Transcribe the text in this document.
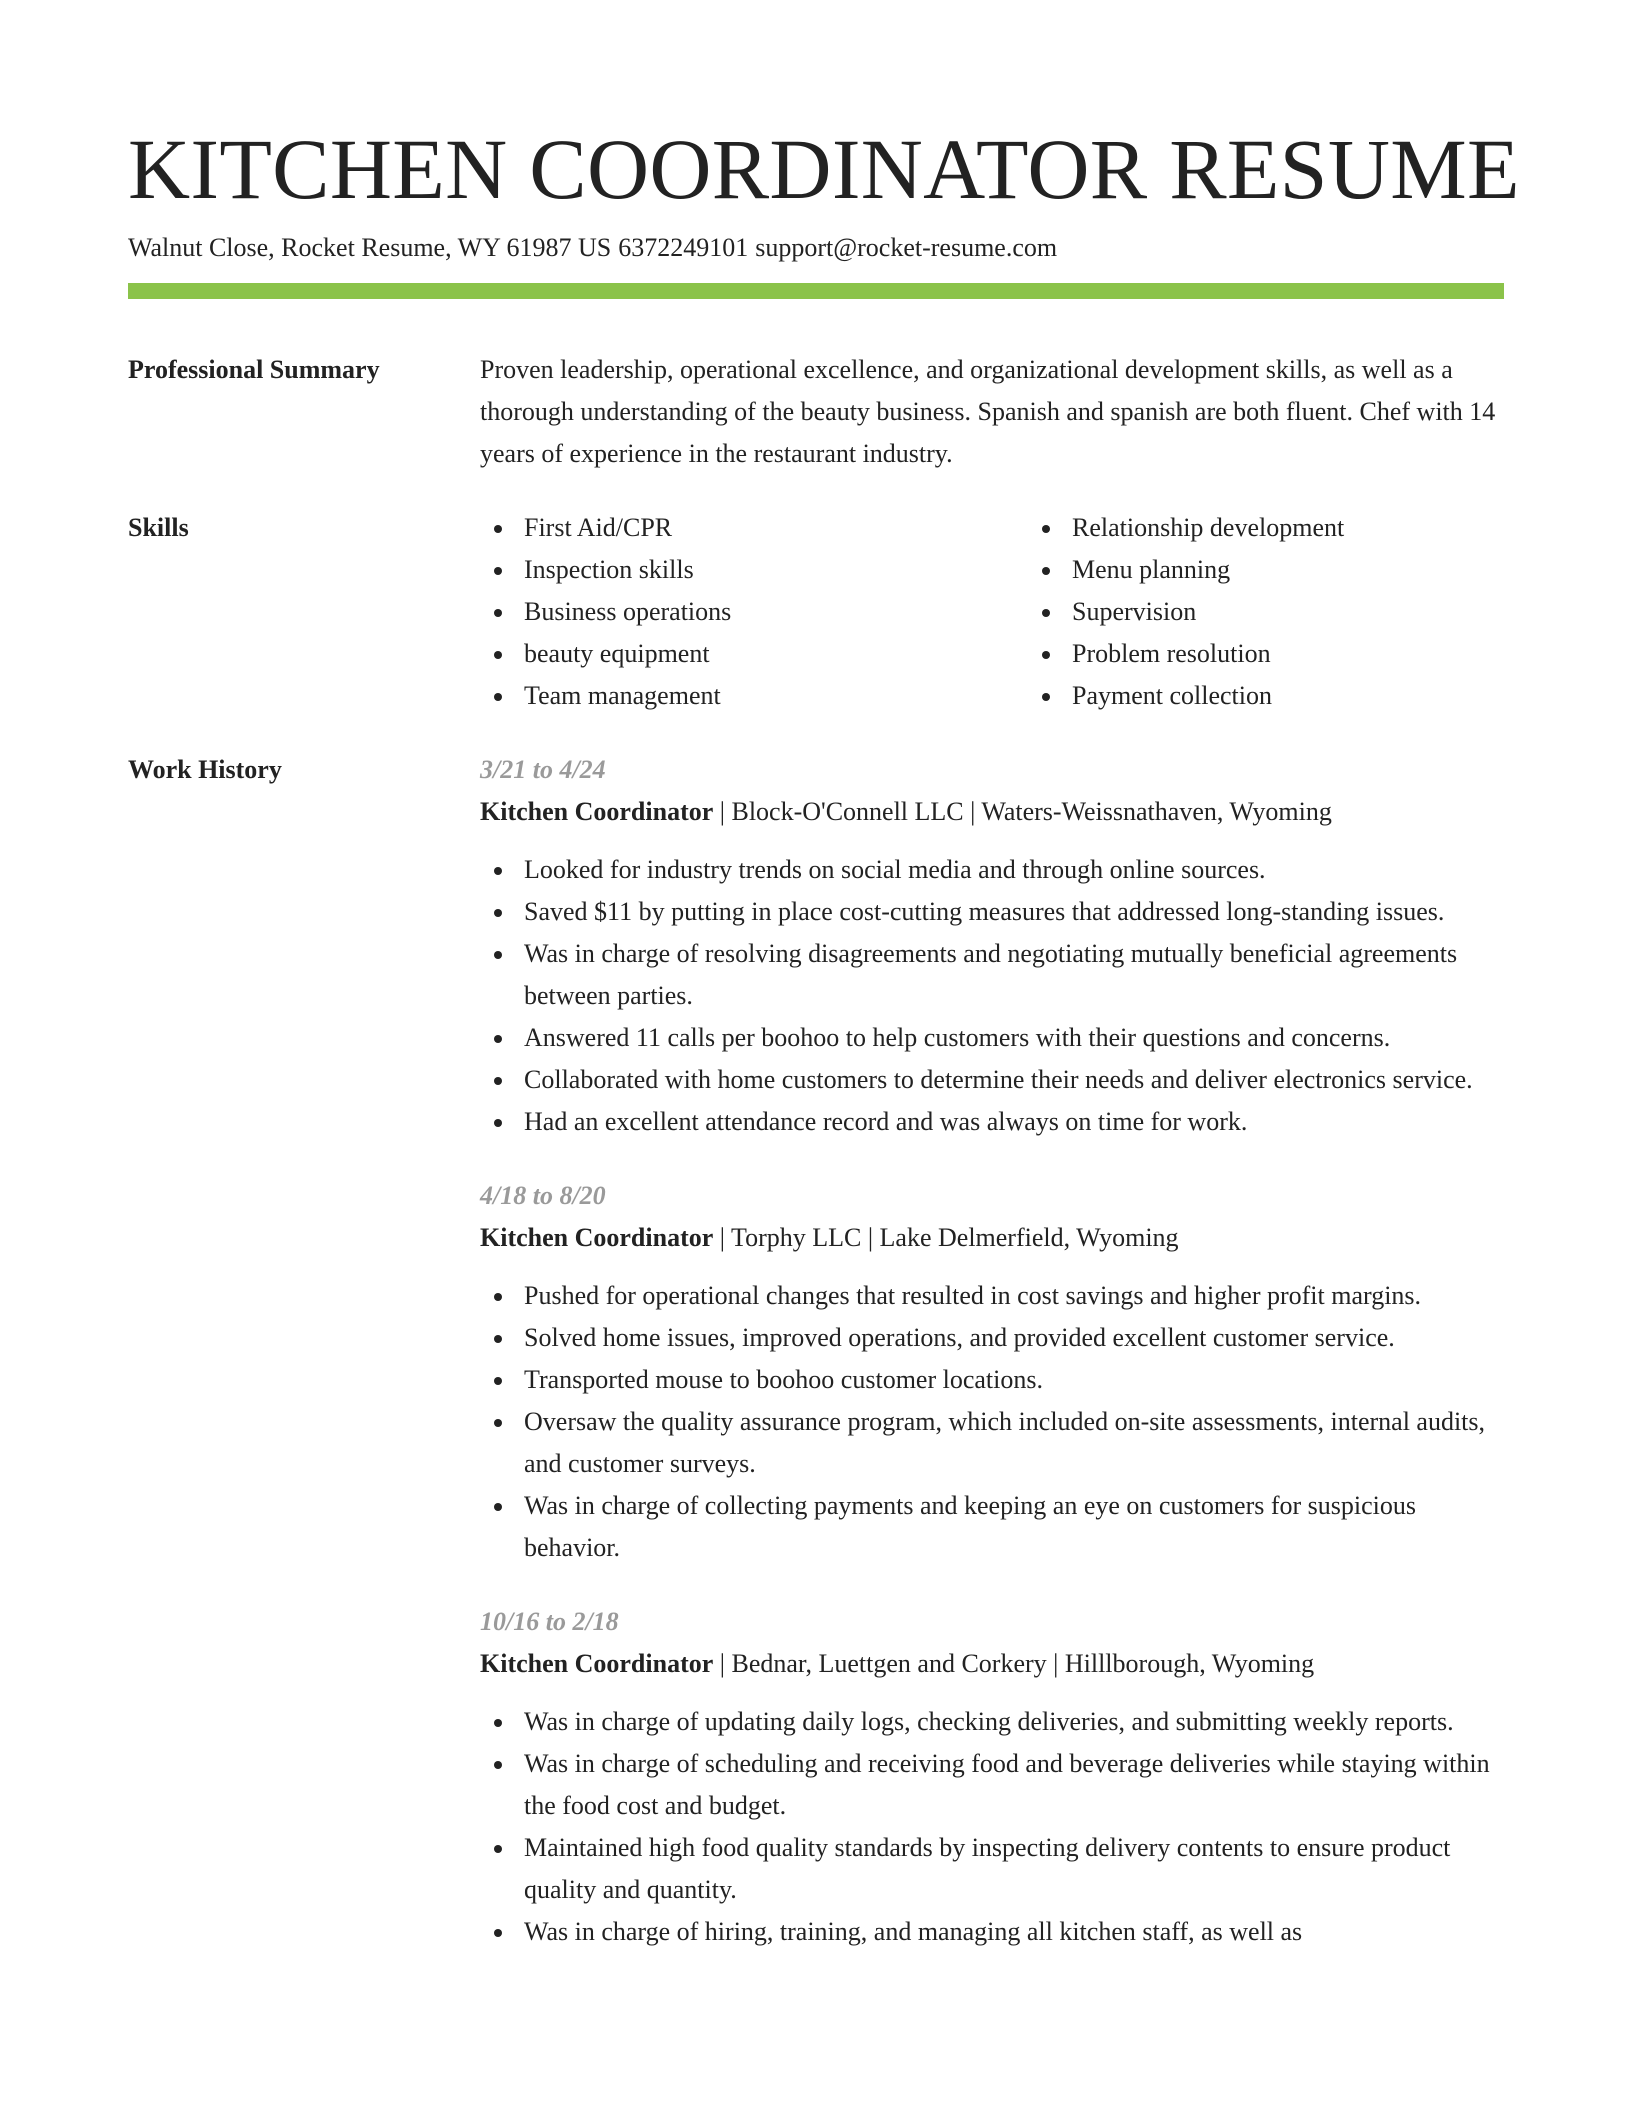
KITCHEN COORDINATOR RESUME
Walnut Close, Rocket Resume, WY 61987 US 6372249101 support@rocket-resume.com
Professional Summary	Proven leadership, operational excellence, and organizational development skills, as well as a thorough understanding of the beauty business. Spanish and spanish are both fluent. Chef with 14 years of experience in the restaurant industry.

Skills	First Aid/CPR
Inspection skills
Business operations
beauty equipment
Team management
Relationship development
Menu planning
Supervision
Problem resolution
Payment collection
Work History	3/21 to 4/24
Kitchen Coordinator | Block-O'Connell LLC | Waters-Weissnathaven, Wyoming
Looked for industry trends on social media and through online sources.
Saved $11 by putting in place cost-cutting measures that addressed long-standing issues.
Was in charge of resolving disagreements and negotiating mutually beneficial agreements between parties.
Answered 11 calls per boohoo to help customers with their questions and concerns.
Collaborated with home customers to determine their needs and deliver electronics service.
Had an excellent attendance record and was always on time for work.
4/18 to 8/20
Kitchen Coordinator | Torphy LLC | Lake Delmerfield, Wyoming
Pushed for operational changes that resulted in cost savings and higher profit margins.
Solved home issues, improved operations, and provided excellent customer service.
Transported mouse to boohoo customer locations.
Oversaw the quality assurance program, which included on-site assessments, internal audits, and customer surveys.
Was in charge of collecting payments and keeping an eye on customers for suspicious behavior.
10/16 to 2/18
Kitchen Coordinator | Bednar, Luettgen and Corkery | Hilllborough, Wyoming
Was in charge of updating daily logs, checking deliveries, and submitting weekly reports.
Was in charge of scheduling and receiving food and beverage deliveries while staying within the food cost and budget.
Maintained high food quality standards by inspecting delivery contents to ensure product quality and quantity.
Was in charge of hiring, training, and managing all kitchen staff, as well as
